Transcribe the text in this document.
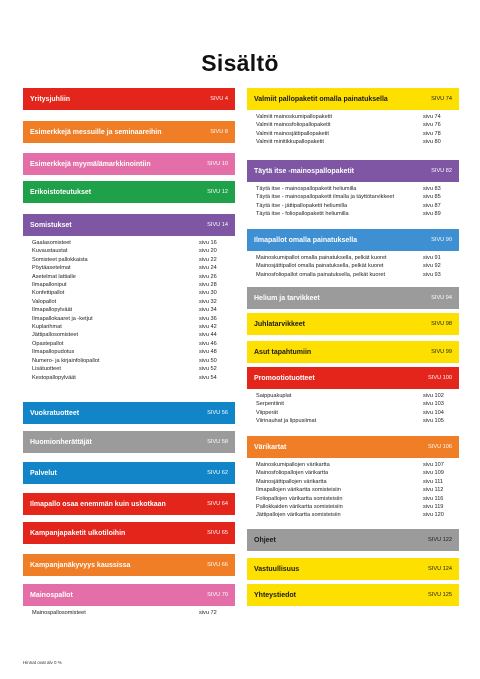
Sisältö
Yritysjuhliin	SIVU 4
Esimerkkejä messuille ja seminaareihin	SIVU 8
Esimerkkejä myymälämarkkinointiin	SIVU 10
Erikoistoteutukset	SIVU 12
Somistukset	SIVU 14
Gaalasomisteet	sivu 16
Kuvaustaustat	sivu 20
Somisteet pallokkaista	sivu 22
Pöytäasetelmat	sivu 24
Asetelmat lattialle	sivu 26
Ilmapalloniput	sivu 28
Konfettipallot	sivu 30
Valopallot	sivu 32
Ilmapallopylväät	sivu 34
Ilmapallokaaret ja -ketjut	sivu 36
Kuplarihmat	sivu 42
Jättipallosomisteet	sivu 44
Opastepallot	sivu 46
Ilmapallopudotus	sivu 48
Numero- ja kirjainfoliopallot	sivu 50
Lisätuotteet	sivu 52
Kestopallopylväät	sivu 54
Vuokratuotteet	SIVU 56
Huomionherättäjät	SIVU 58
Palvelut	SIVU 62
Ilmapallo osaa enemmän kuin uskotkaan	SIVU 64
Kampanjapaketit ulkotiloihin	SIVU 65
Kampanjanäkyvyys kaussissa	SIVU 66
Mainospallot	SIVU 70
Mainospallosomisteet	sivu 72
Valmiit pallopaketit omalla painatuksella	SIVU 74
Valmiit mainoskumipallopaketit	sivu 74
Valmiit mainosfoliopallopaketit	sivu 76
Valmiit mainosjättipallopaketit	sivu 78
Valmiit minitikkupallopaketit	sivu 80
Täytä itse -mainospallopaketit	SIVU 82
Täytä itse - mainospallopaketit heliumilla	sivu 83
Täytä itse - mainospallopaketit ilmalla ja täyttötarvikkeet	sivu 85
Täytä itse - jättipallopaketit heliumilla	sivu 87
Täytä itse - foliopallopaketit heliumilla	sivu 89
Ilmapallot omalla painatuksella	SIVU 90
Mainoskumipallot omalla painatuksella, pelkät kuoret	sivu 91
Mainosjättipallot omalla painatuksella, pelkät kuoret	sivu 92
Mainosfoliopallot omalla painatuksella, pelkät kuoret	sivu 93
Helium ja tarvikkeet	SIVU 94
Juhlatarvikkeet	SIVU 98
Asut tapahtumiin	SIVU 99
Promootiotuotteet	SIVU 100
Saippuakuplat	sivu 102
Serpentiinit	sivu 103
Viipperät	sivu 104
Viirinauhat ja lippusiimat	sivu 105
Värikartat	SIVU 106
Mainoskumipallojen värikartta	sivu 107
Mainosfoliopallojen värikartta	sivu 109
Mainosjättipallojen värikartta	sivu 111
Ilmapallojen värikartta somisteisiin	sivu 112
Foliopallojen värikartta somisteisiin	sivu 116
Pallokkaiden värikartta somisteisiin	sivu 119
Jättipallojen värikartta somisteisiin	sivu 120
Ohjeet	SIVU 122
Vastuullisuus	SIVU 124
Yhteystiedot	SIVU 125
Hinnat ovat alv 0 %
